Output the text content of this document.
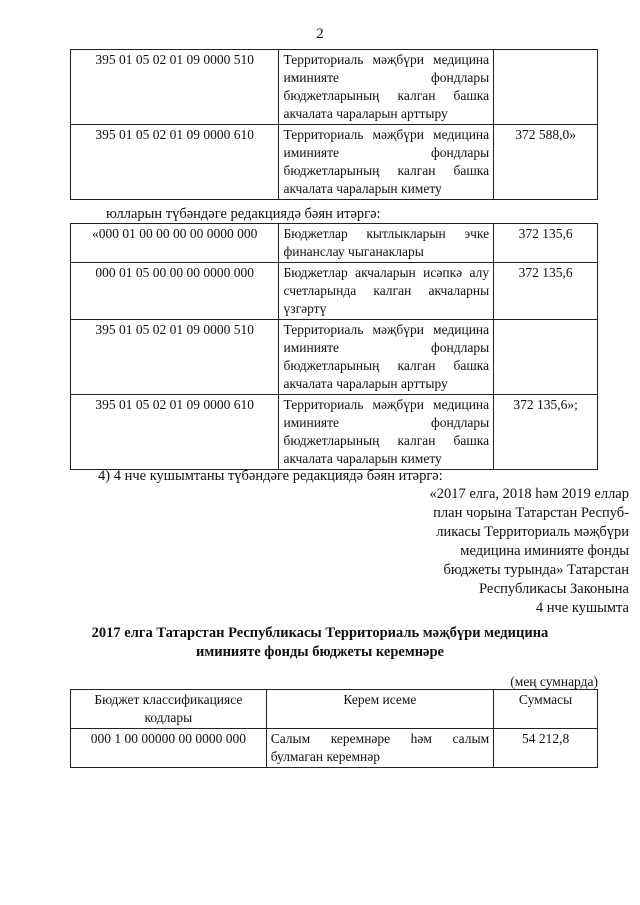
2
395 01 05 02 01 09 0000 510	Территориаль мәҗбүри медицина иминияте фондлары бюджетларының калган башка акчалата чараларын арттыру	
395 01 05 02 01 09 0000 610	Территориаль мәҗбүри медицина иминияте фондлары бюджетларының калган башка акчалата чараларын кимету	372 588,0»
юлларын түбәндәге редакциядә бәян итәргә:
«000 01 00 00 00 00 0000 000	Бюджетлар кытлыкларын эчке финанслау чыганаклары	372 135,6
000 01 05 00 00 00 0000 000	Бюджетлар акчаларын исәпкә алу счетларында калган акчаларны үзгәртү	372 135,6
395 01 05 02 01 09 0000 510	Территориаль мәҗбүри медицина иминияте фондлары бюджетларының калган башка акчалата чараларын арттыру	
395 01 05 02 01 09 0000 610	Территориаль мәҗбүри медицина иминияте фондлары бюджетларының калган башка акчалата чараларын кимету	372 135,6»;
4) 4 нче кушымтаны түбәндәге редакциядә бәян итәргә:
«2017 елга, 2018 һәм 2019 еллар
план чорына Татарстан Респуб-
ликасы Территориаль мәҗбүри
медицина иминияте фонды
бюджеты турында» Татарстан
Республикасы Законына
4 нче кушымта
2017 елга Татарстан Республикасы Территориаль мәҗбүри медицина
иминияте фонды бюджеты керемнәре
(мең сумнарда)
Бюджет классификациясе кодлары	Керем исеме	Суммасы
000 1 00 00000 00 0000 000	Салым керемнәре һәм салым булмаган керемнәр	54 212,8
